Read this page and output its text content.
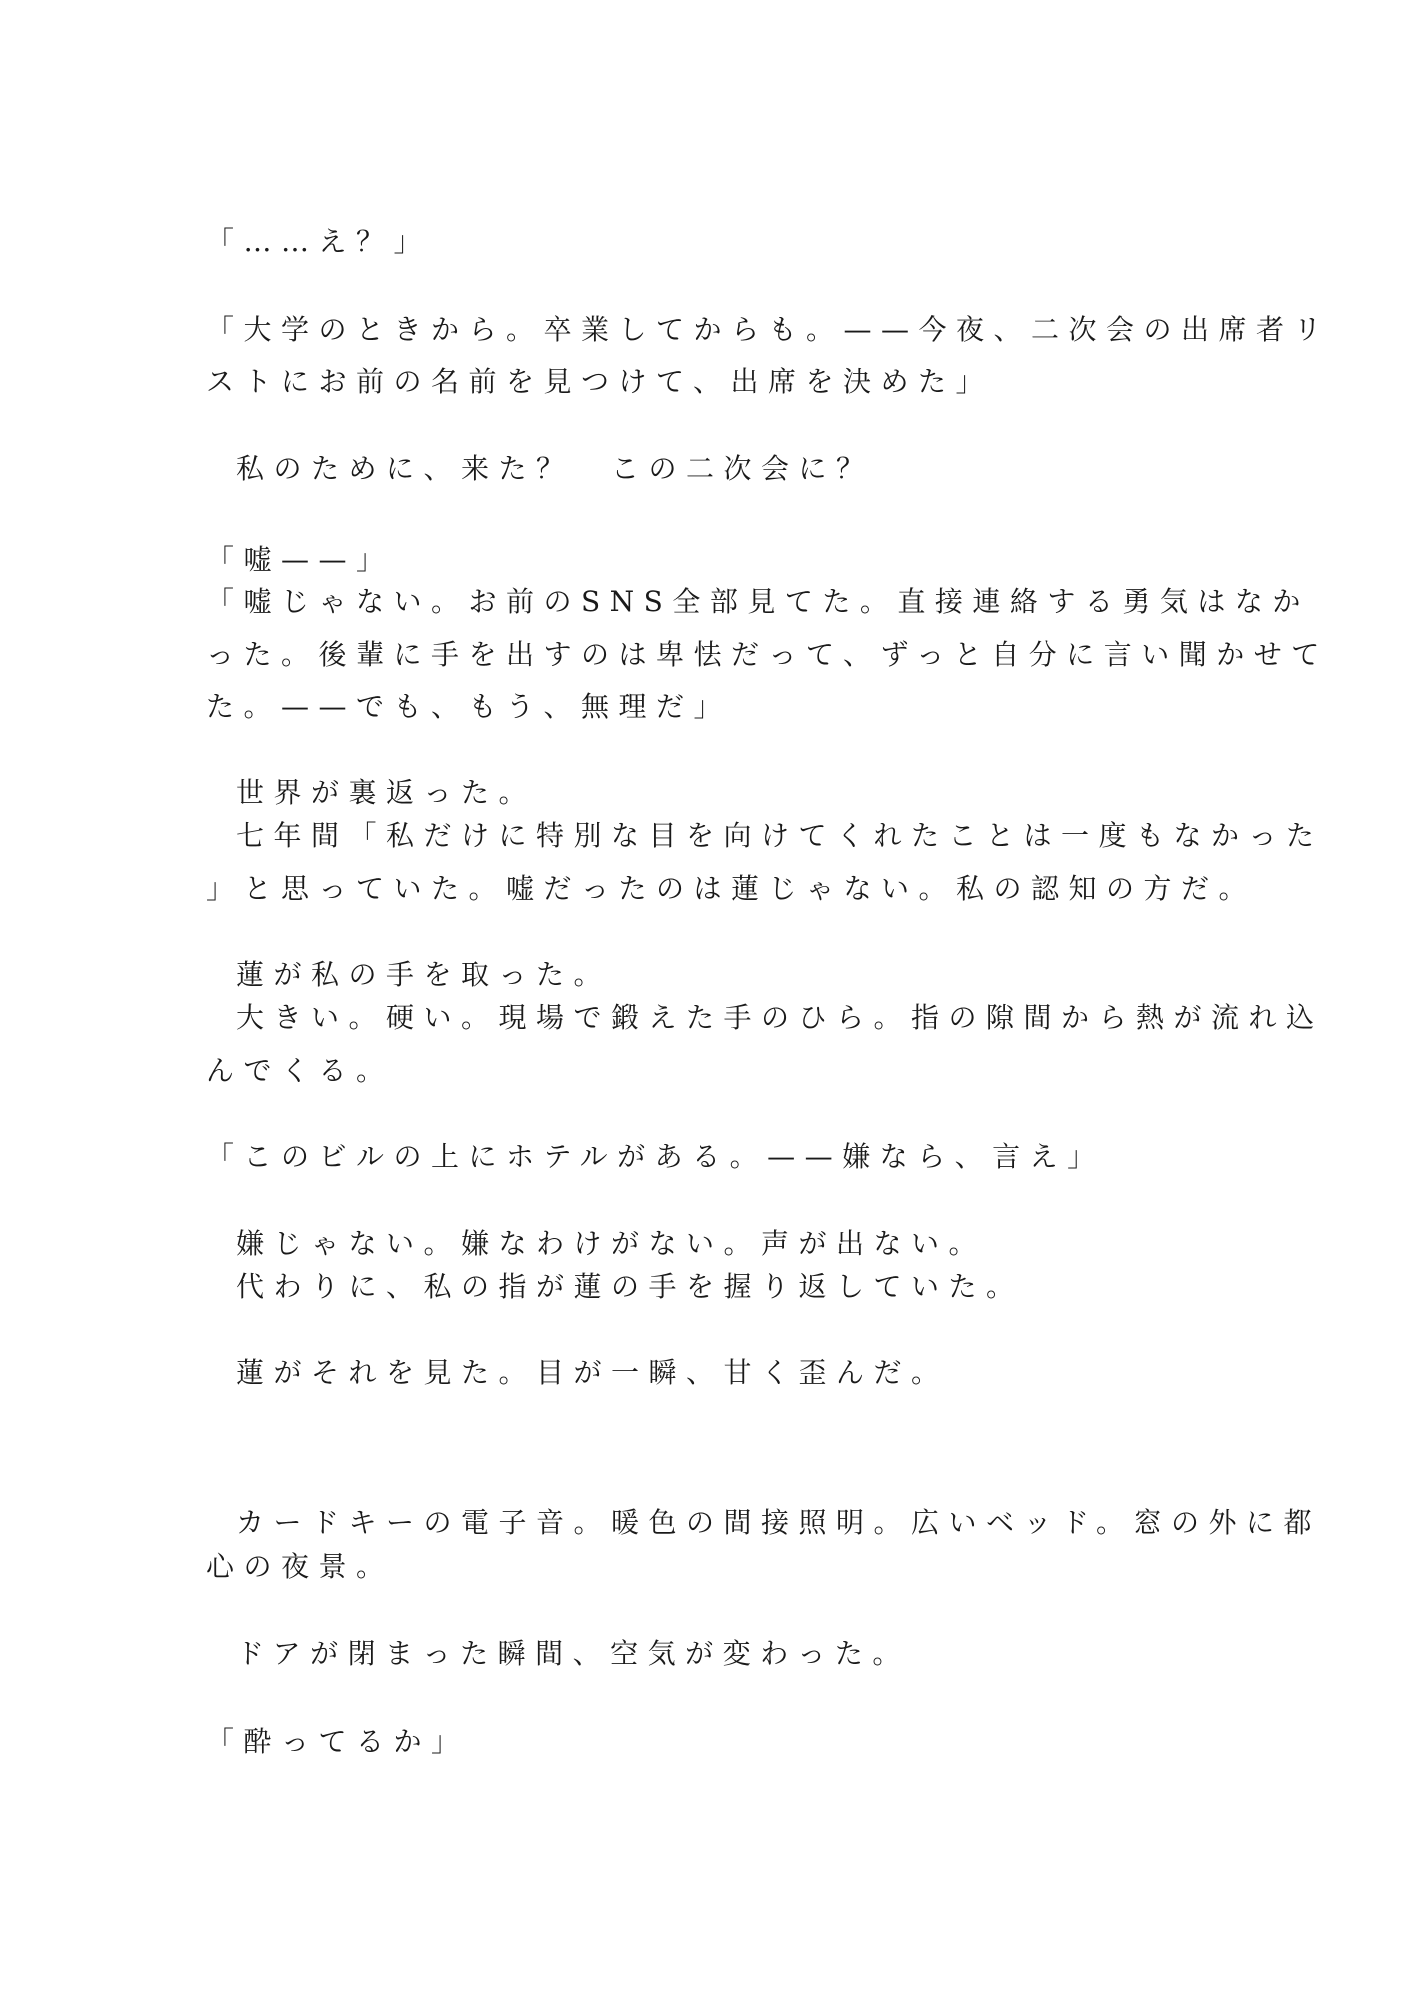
「……え？」
「大学のときから。卒業してからも。——今夜、二次会の出席者リ
ストにお前の名前を見つけて、出席を決めた」
私のために、来た？　この二次会に？
「嘘——」
「嘘じゃない。お前のSNS全部見てた。直接連絡する勇気はなか
った。後輩に手を出すのは卑怯だって、ずっと自分に言い聞かせて
た。——でも、もう、無理だ」
世界が裏返った。
七年間「私だけに特別な目を向けてくれたことは一度もなかった
」と思っていた。嘘だったのは蓮じゃない。私の認知の方だ。
蓮が私の手を取った。
大きい。硬い。現場で鍛えた手のひら。指の隙間から熱が流れ込
んでくる。
「このビルの上にホテルがある。——嫌なら、言え」
嫌じゃない。嫌なわけがない。声が出ない。
代わりに、私の指が蓮の手を握り返していた。
蓮がそれを見た。目が一瞬、甘く歪んだ。
カードキーの電子音。暖色の間接照明。広いベッド。窓の外に都
心の夜景。
ドアが閉まった瞬間、空気が変わった。
「酔ってるか」
